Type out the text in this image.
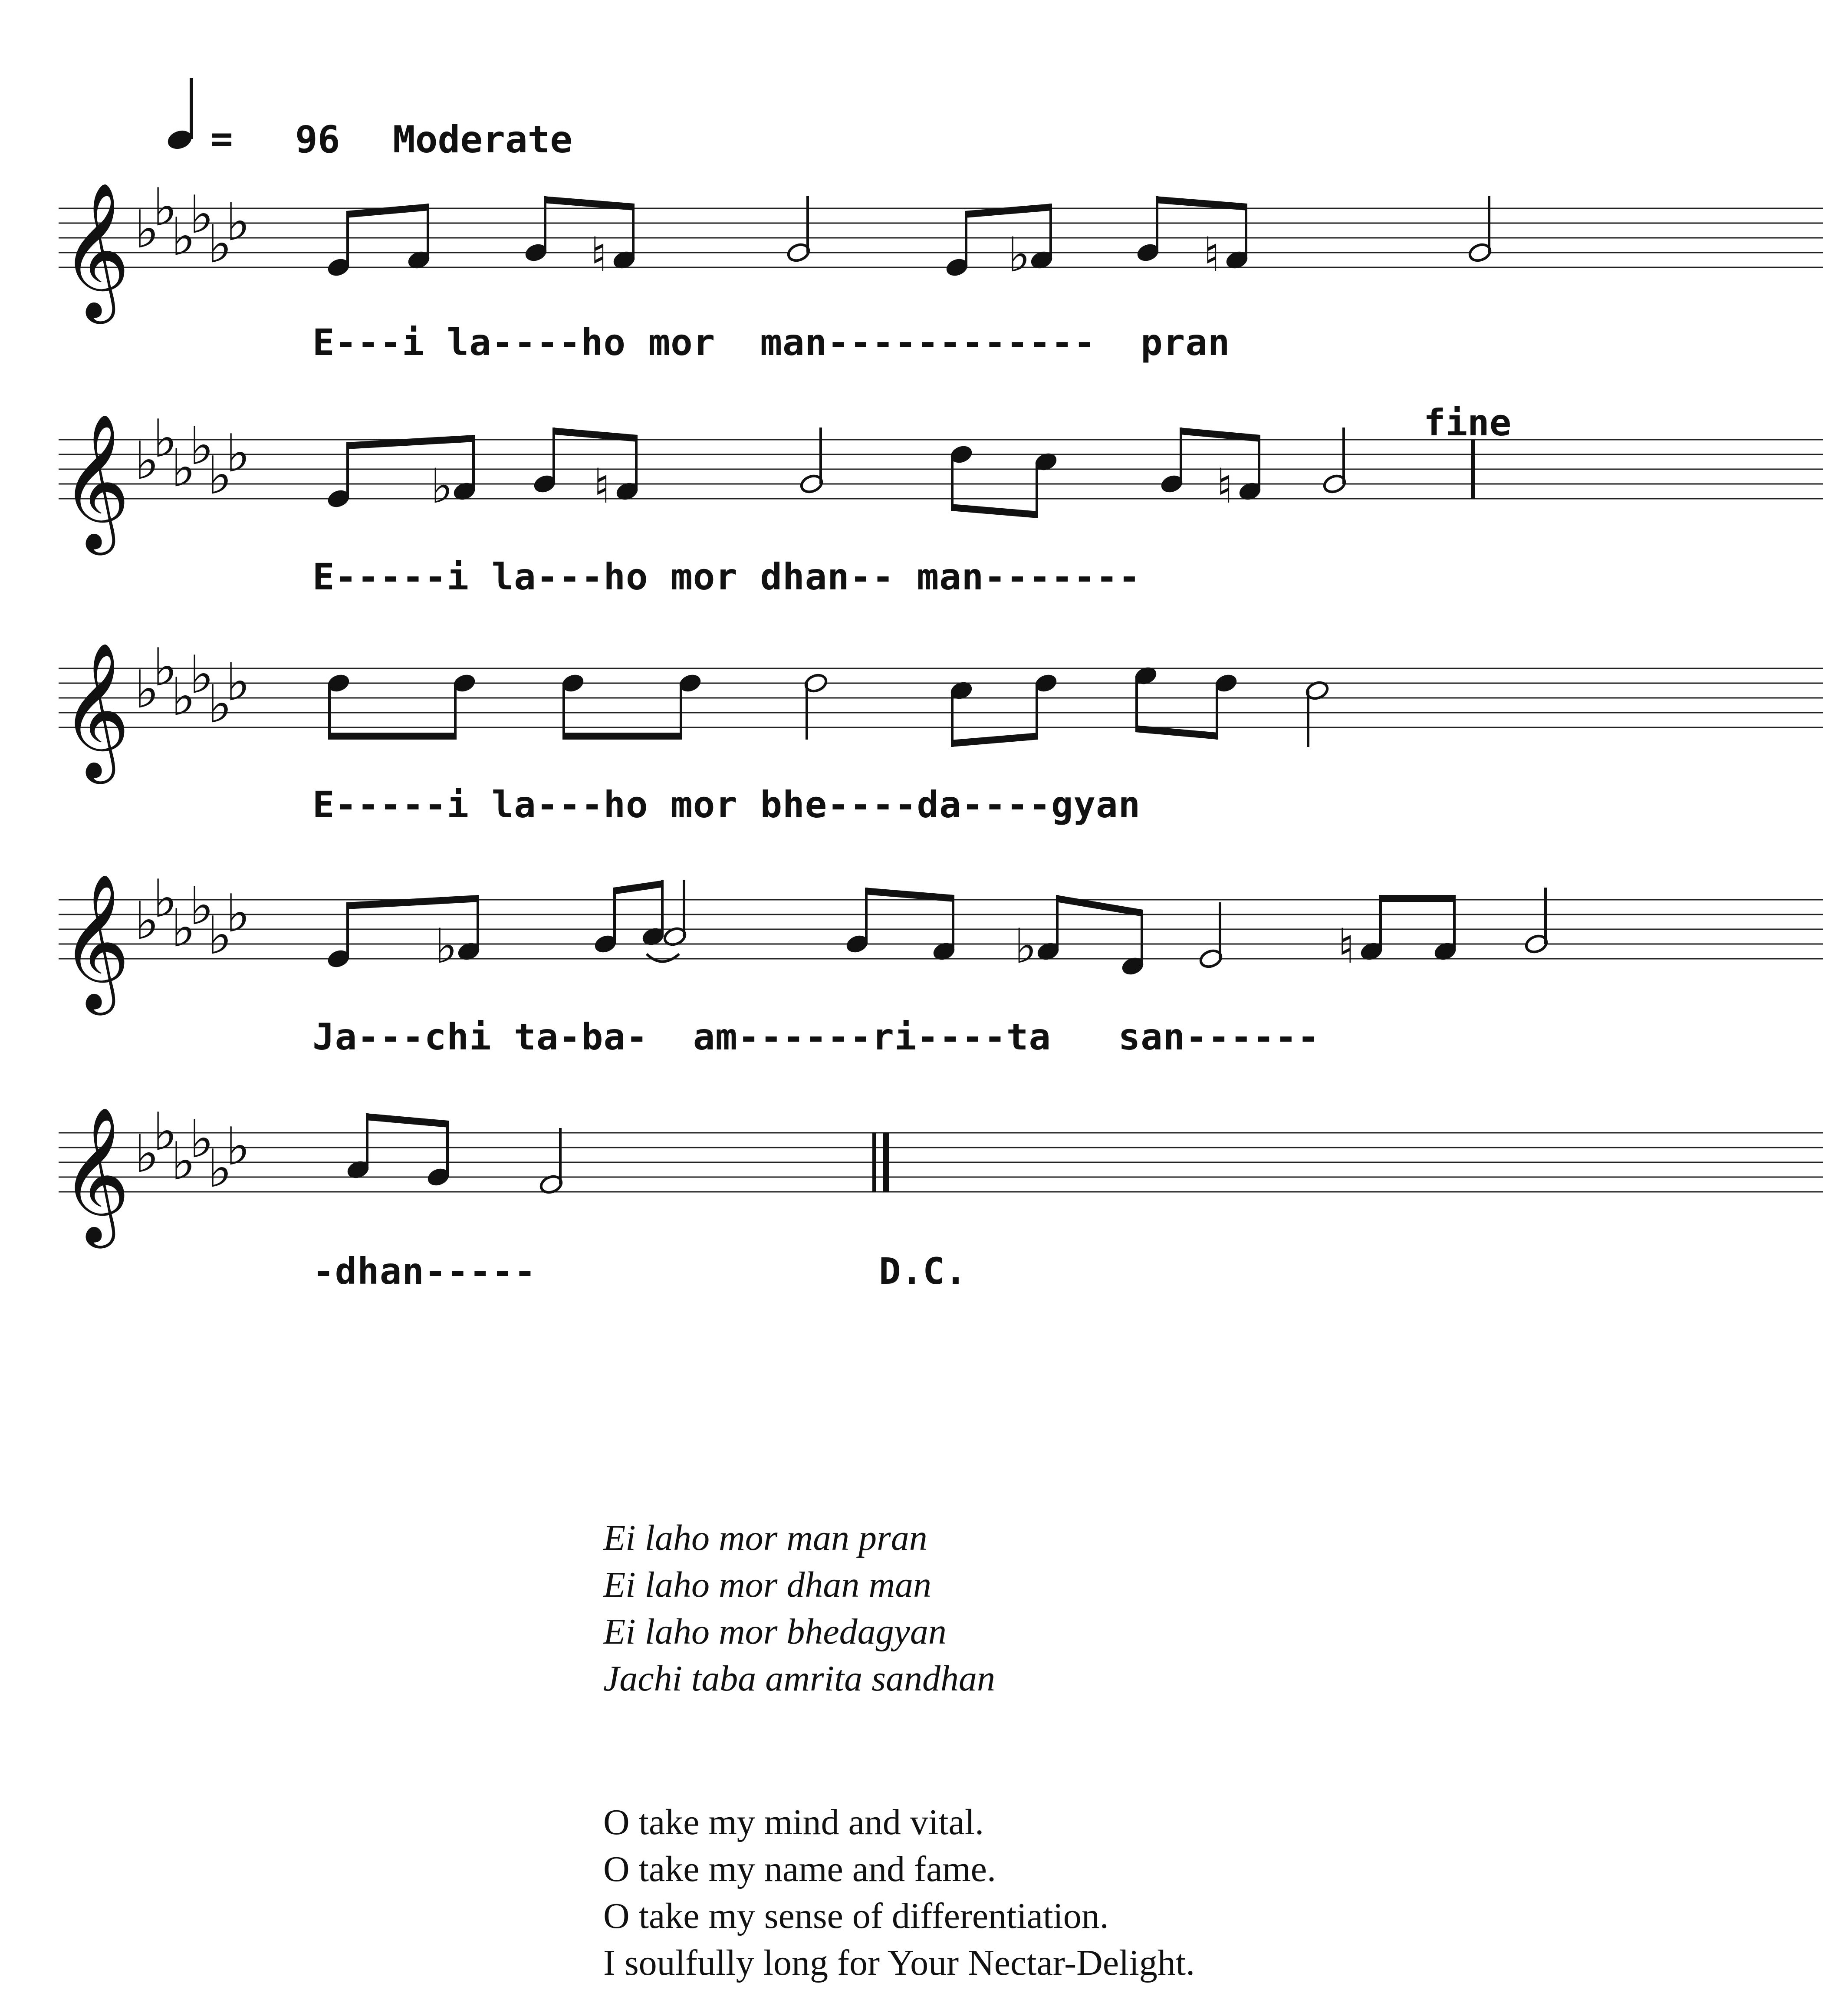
= 96 Moderate
𝄞 ♭
♭
♭
♭
♭
♭
𝄞 ♭
♭
♭
♭
♭
♭
𝄞 ♭
♭
♭
♭
♭
♭
𝄞 ♭
♭
♭
♭
♭
♭
𝄞 ♭
♭
♭
♭
♭
♭
♮	♭	♮
♭	♮	♮
♭	♭	♮
E---i la----ho mor  man------------  pran
E-----i la---ho mor dhan-- man-------
E-----i la---ho mor bhe----da----gyan
Ja---chi ta-ba-  am------ri----ta   san------
-dhan-----
fine
D.C.
Ei laho mor man pran
Ei laho mor dhan man
Ei laho mor bhedagyan
Jachi taba amrita sandhan
O take my mind and vital.
O take my name and fame.
O take my sense of differentiation.
I soulfully long for Your Nectar-Delight.
